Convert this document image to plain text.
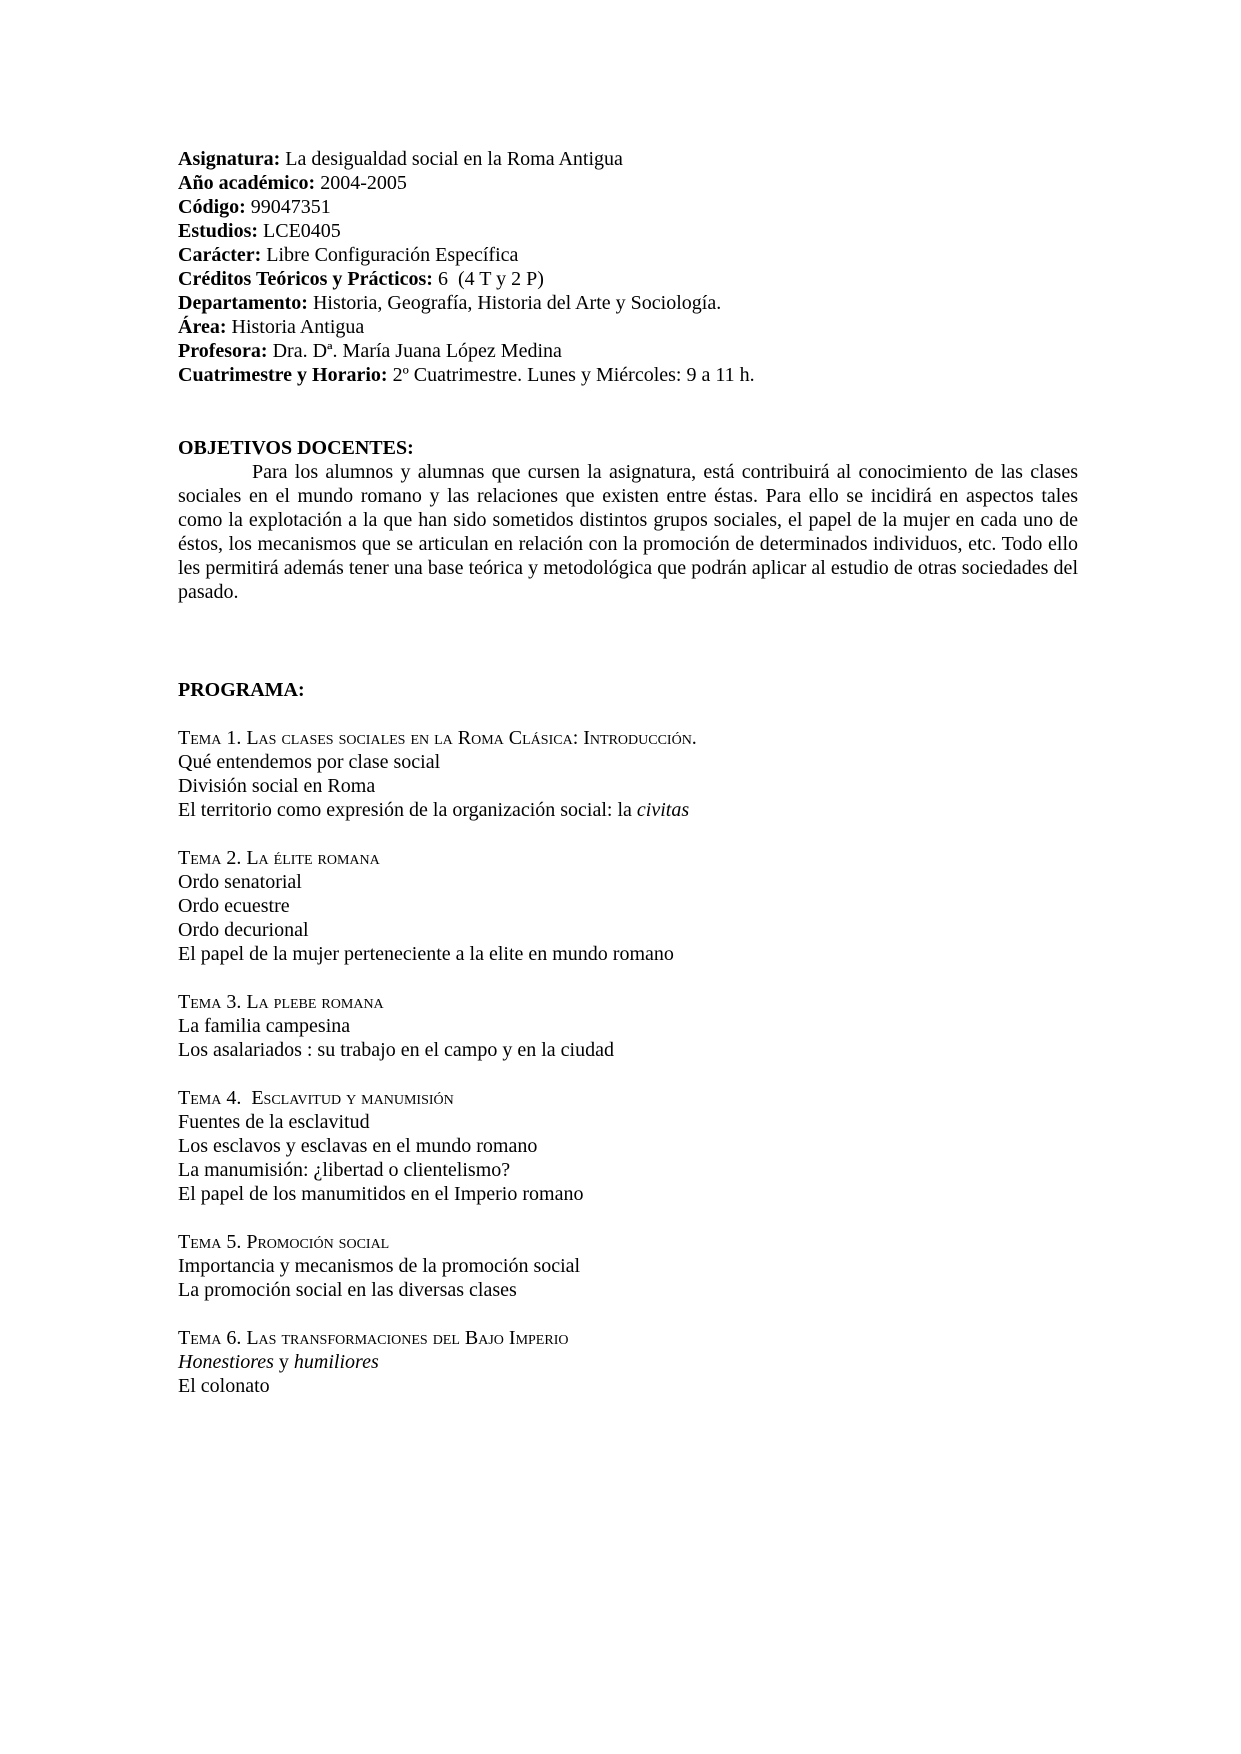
Asignatura: La desigualdad social en la Roma Antigua
Año académico: 2004-2005
Código: 99047351
Estudios: LCE0405
Carácter: Libre Configuración Específica
Créditos Teóricos y Prácticos: 6  (4 T y 2 P)
Departamento: Historia, Geografía, Historia del Arte y Sociología.
Área: Historia Antigua
Profesora: Dra. Dª. María Juana López Medina
Cuatrimestre y Horario: 2º Cuatrimestre. Lunes y Miércoles: 9 a 11 h.
OBJETIVOS DOCENTES:
Para los alumnos y alumnas que cursen la asignatura, está contribuirá al conocimiento de las clases sociales en el mundo romano y las relaciones que existen entre éstas. Para ello se incidirá en aspectos tales como la explotación a la que han sido sometidos distintos grupos sociales, el papel de la mujer en cada uno de éstos, los mecanismos que se articulan en relación con la promoción de determinados individuos, etc. Todo ello les permitirá además tener una base teórica y metodológica que podrán aplicar al estudio de otras sociedades del pasado.
PROGRAMA:
Tema 1. Las clases sociales en la Roma Clásica: Introducción.
Qué entendemos por clase social
División social en Roma
El territorio como expresión de la organización social: la civitas
Tema 2. La élite romana
Ordo senatorial
Ordo ecuestre
Ordo decurional
El papel de la mujer perteneciente a la elite en mundo romano
Tema 3. La plebe romana
La familia campesina
Los asalariados : su trabajo en el campo y en la ciudad
Tema 4.  Esclavitud y manumisión
Fuentes de la esclavitud
Los esclavos y esclavas en el mundo romano
La manumisión: ¿libertad o clientelismo?
El papel de los manumitidos en el Imperio romano
Tema 5. Promoción social
Importancia y mecanismos de la promoción social
La promoción social en las diversas clases
Tema 6. Las transformaciones del Bajo Imperio
Honestiores y humiliores
El colonato
